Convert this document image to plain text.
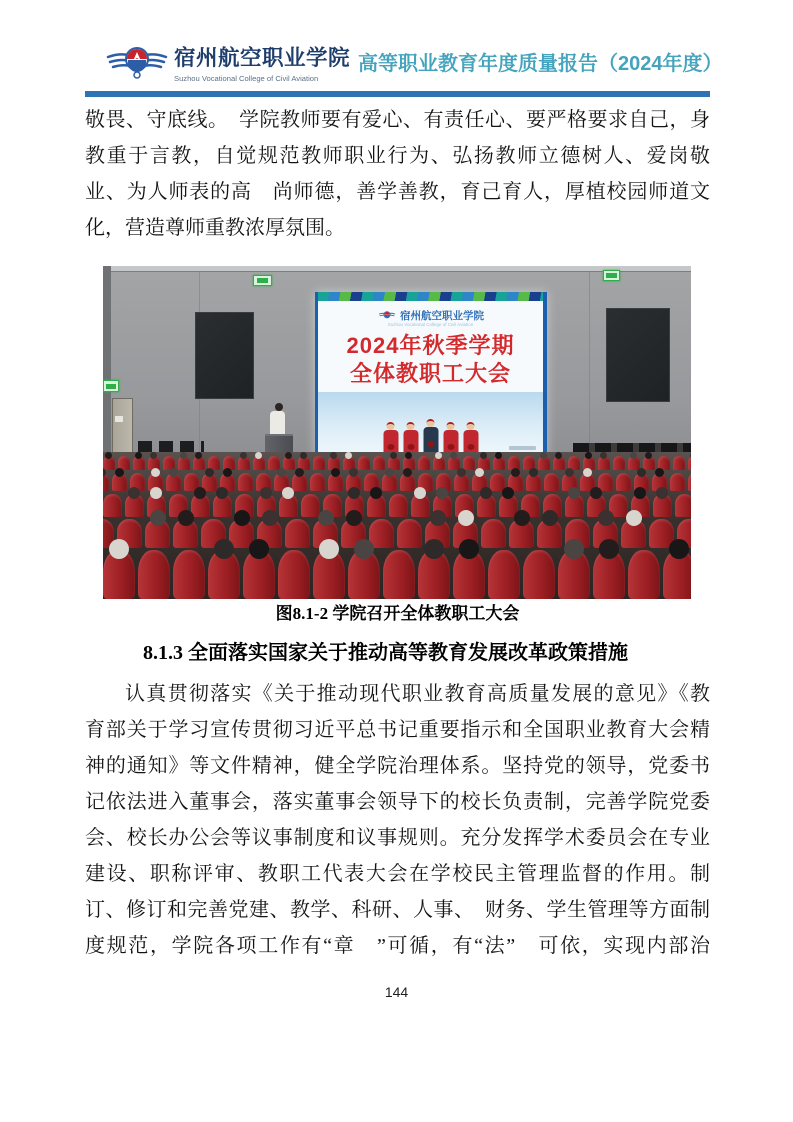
宿州航空职业学院
Suzhou Vocational College of Civil Aviation
高等职业教育年度质量报告（2024年度）
敬畏、守底线。　学院教师要有爱心、有责任心、要严格要求自己，身
教重于言教，自觉规范教师职业行为、弘扬教师立德树人、爱岗敬
业、为人师表的高　尚师德，善学善教，育己育人，厚植校园师道文
化，营造尊师重教浓厚氛围。
宿州航空职业学院
Suzhou Vocational College of Civil Aviation
2024年秋季学期
全体教职工大会
图8.1-2 学院召开全体教职工大会
8.1.3 全面落实国家关于推动高等教育发展改革政策措施
认真贯彻落实《关于推动现代职业教育高质量发展的意见》《教
育部关于学习宣传贯彻习近平总书记重要指示和全国职业教育大会精
神的通知》等文件精神，健全学院治理体系。坚持党的领导，党委书
记依法进入董事会，落实董事会领导下的校长负责制，完善学院党委
会、校长办公会等议事制度和议事规则。充分发挥学术委员会在专业
建设、职称评审、教职工代表大会在学校民主管理监督的作用。制
订、修订和完善党建、教学、科研、人事、　财务、学生管理等方面制
度规范，学院各项工作有“章　”可循，有“法”　可依，实现内部治
144
